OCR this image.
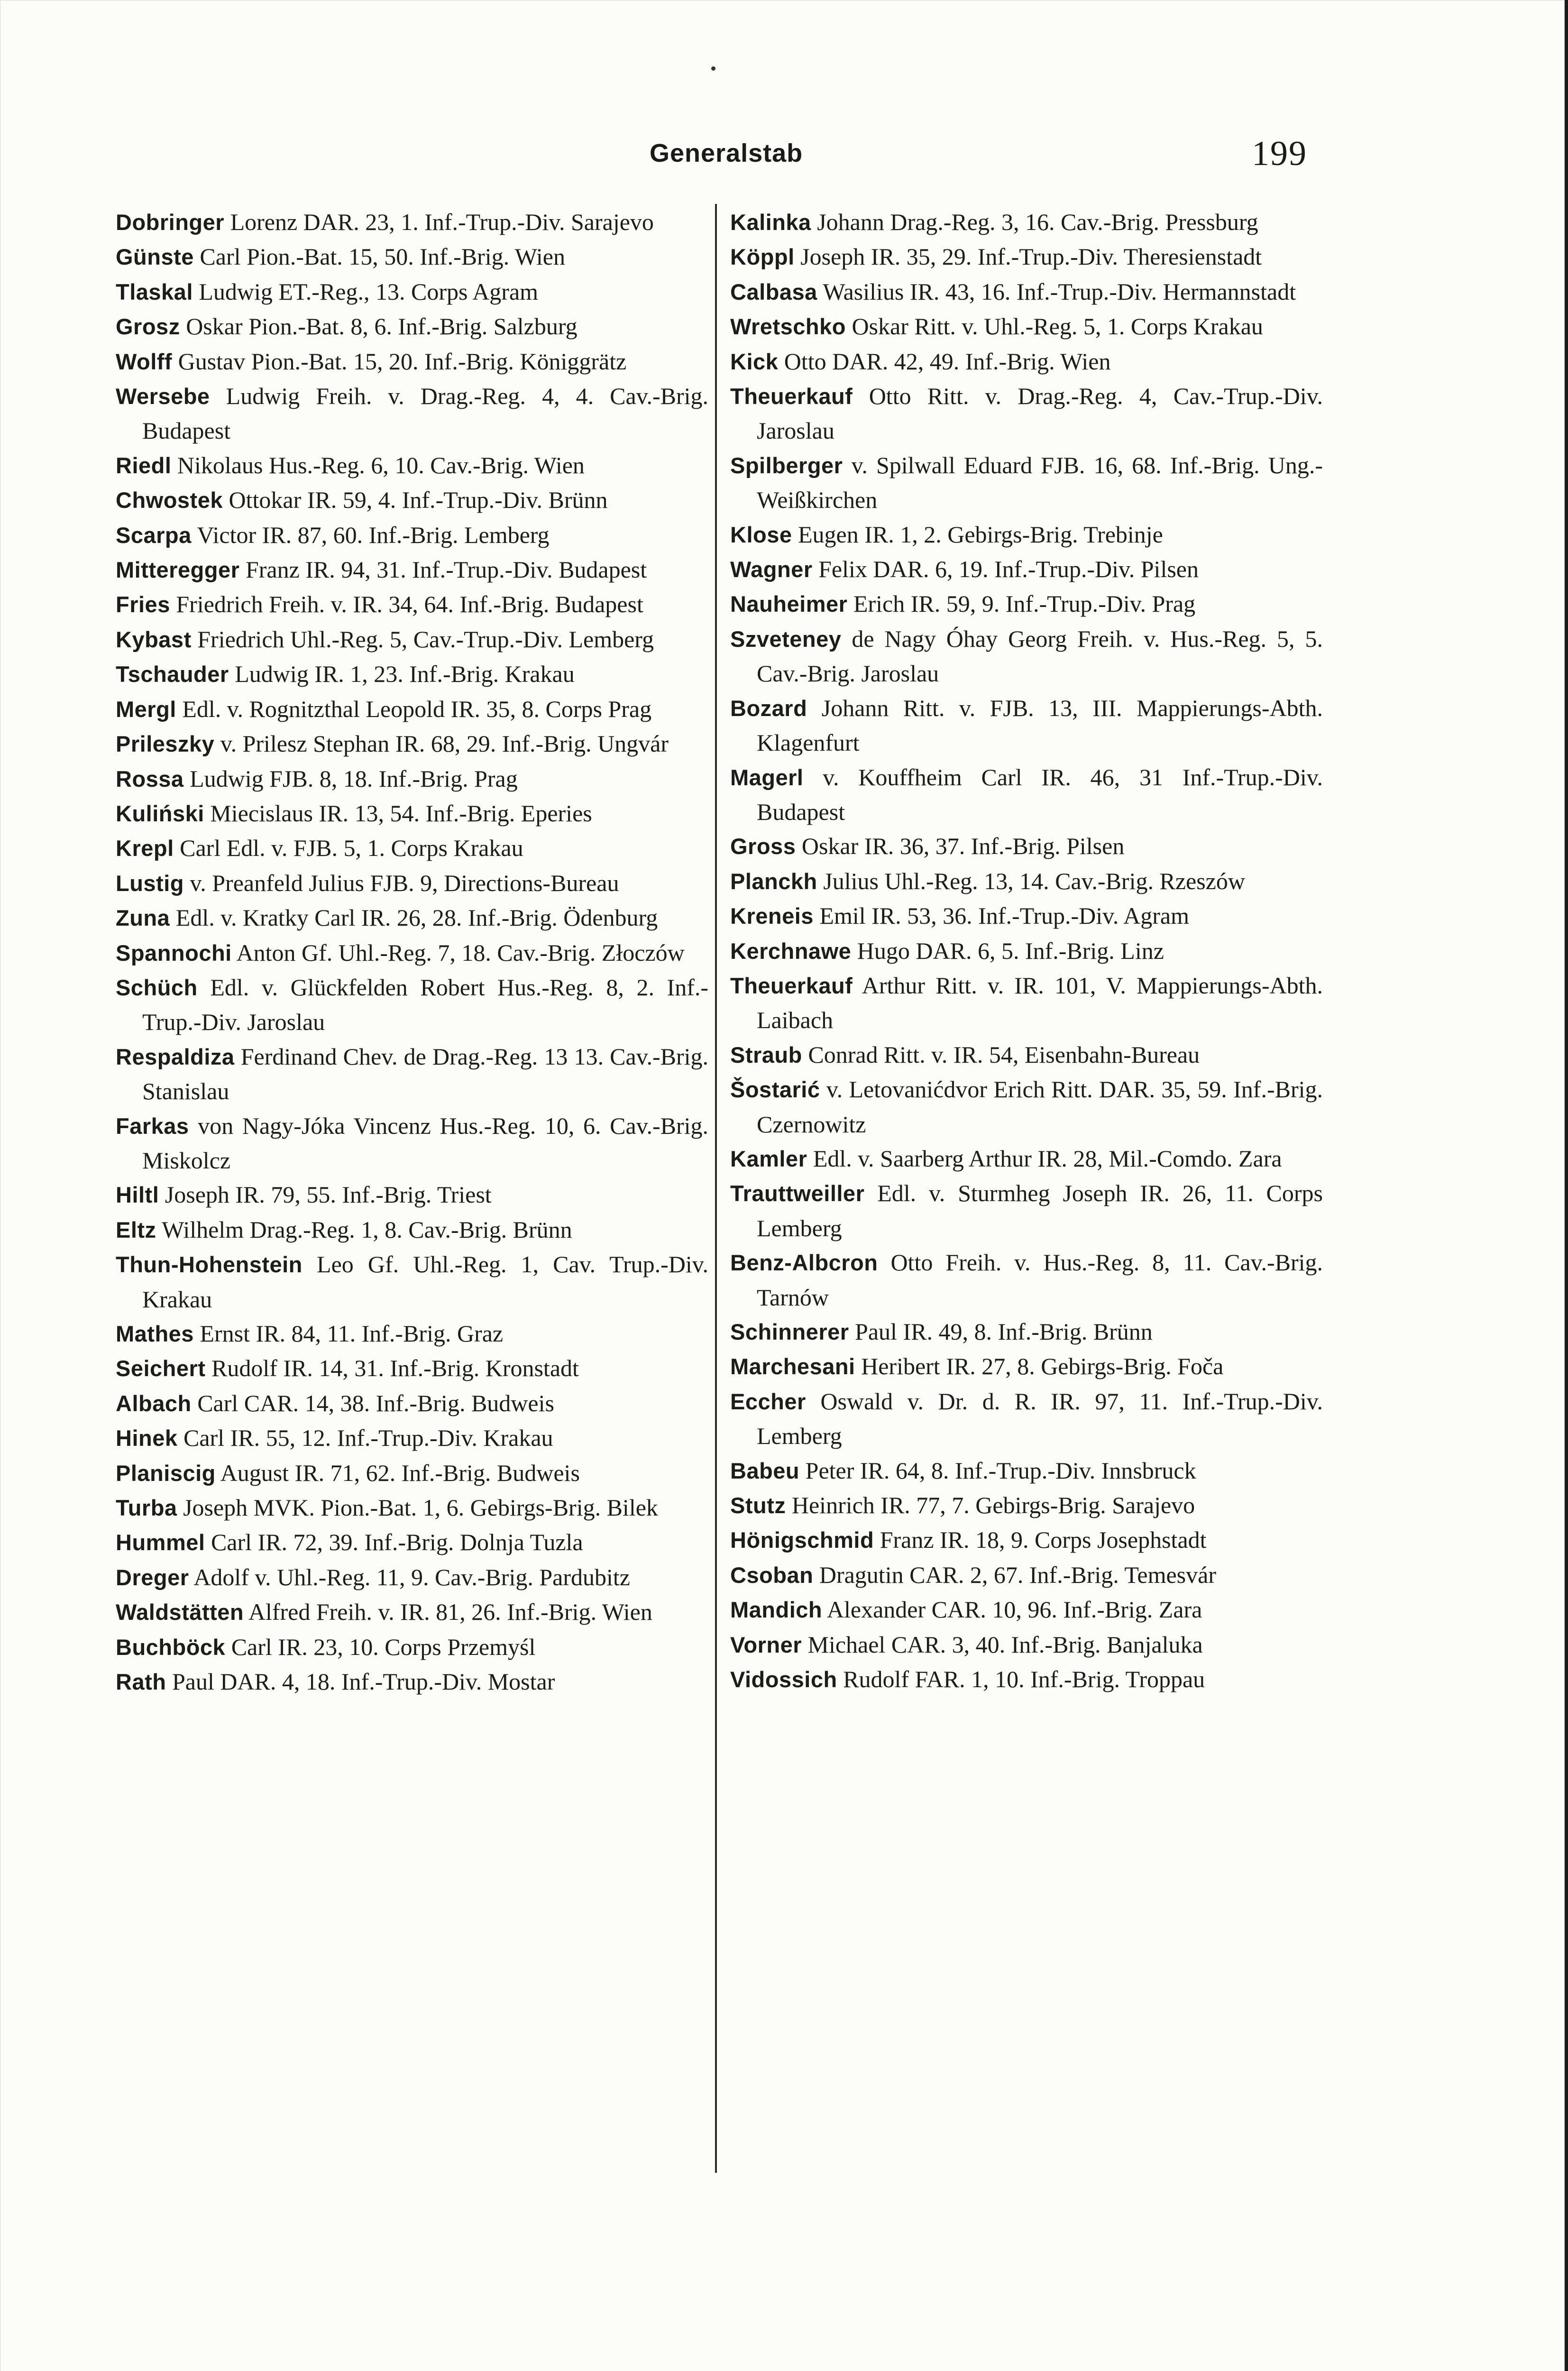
Generalstab	199
Dobringer Lorenz DAR. 23, 1. Inf.-Trup.-Div. Sarajevo
Günste Carl Pion.-Bat. 15, 50. Inf.-Brig. Wien
Tlaskal Ludwig ET.-Reg., 13. Corps Agram
Grosz Oskar Pion.-Bat. 8, 6. Inf.-Brig. Salzburg
Wolff Gustav Pion.-Bat. 15, 20. Inf.-Brig. Königgrätz
Wersebe Ludwig Freih. v. Drag.-Reg. 4, 4. Cav.-Brig. Budapest
Riedl Nikolaus Hus.-Reg. 6, 10. Cav.-Brig. Wien
Chwostek Ottokar IR. 59, 4. Inf.-Trup.-Div. Brünn
Scarpa Victor IR. 87, 60. Inf.-Brig. Lemberg
Mitteregger Franz IR. 94, 31. Inf.-Trup.-Div. Budapest
Fries Friedrich Freih. v. IR. 34, 64. Inf.-Brig. Budapest
Kybast Friedrich Uhl.-Reg. 5, Cav.-Trup.-Div. Lemberg
Tschauder Ludwig IR. 1, 23. Inf.-Brig. Krakau
Mergl Edl. v. Rognitzthal Leopold IR. 35, 8. Corps Prag
Prileszky v. Prilesz Stephan IR. 68, 29. Inf.-Brig. Ungvár
Rossa Ludwig FJB. 8, 18. Inf.-Brig. Prag
Kuliński Miecislaus IR. 13, 54. Inf.-Brig. Eperies
Krepl Carl Edl. v. FJB. 5, 1. Corps Krakau
Lustig v. Preanfeld Julius FJB. 9, Directions-Bureau
Zuna Edl. v. Kratky Carl IR. 26, 28. Inf.-Brig. Ödenburg
Spannochi Anton Gf. Uhl.-Reg. 7, 18. Cav.-Brig. Złoczów
Schüch Edl. v. Glückfelden Robert Hus.-Reg. 8, 2. Inf.-Trup.-Div. Jaroslau
Respaldiza Ferdinand Chev. de Drag.-Reg. 13 13. Cav.-Brig. Stanislau
Farkas von Nagy-Jóka Vincenz Hus.-Reg. 10, 6. Cav.-Brig. Miskolcz
Hiltl Joseph IR. 79, 55. Inf.-Brig. Triest
Eltz Wilhelm Drag.-Reg. 1, 8. Cav.-Brig. Brünn
Thun-Hohenstein Leo Gf. Uhl.-Reg. 1, Cav. Trup.-Div. Krakau
Mathes Ernst IR. 84, 11. Inf.-Brig. Graz
Seichert Rudolf IR. 14, 31. Inf.-Brig. Kronstadt
Albach Carl CAR. 14, 38. Inf.-Brig. Budweis
Hinek Carl IR. 55, 12. Inf.-Trup.-Div. Krakau
Planiscig August IR. 71, 62. Inf.-Brig. Budweis
Turba Joseph MVK. Pion.-Bat. 1, 6. Gebirgs-Brig. Bilek
Hummel Carl IR. 72, 39. Inf.-Brig. Dolnja Tuzla
Dreger Adolf v. Uhl.-Reg. 11, 9. Cav.-Brig. Pardubitz
Waldstätten Alfred Freih. v. IR. 81, 26. Inf.-Brig. Wien
Buchböck Carl IR. 23, 10. Corps Przemyśl
Rath Paul DAR. 4, 18. Inf.-Trup.-Div. Mostar
Kalinka Johann Drag.-Reg. 3, 16. Cav.-Brig. Pressburg
Köppl Joseph IR. 35, 29. Inf.-Trup.-Div. Theresienstadt
Calbasa Wasilius IR. 43, 16. Inf.-Trup.-Div. Hermannstadt
Wretschko Oskar Ritt. v. Uhl.-Reg. 5, 1. Corps Krakau
Kick Otto DAR. 42, 49. Inf.-Brig. Wien
Theuerkauf Otto Ritt. v. Drag.-Reg. 4, Cav.-Trup.-Div. Jaroslau
Spilberger v. Spilwall Eduard FJB. 16, 68. Inf.-Brig. Ung.-Weißkirchen
Klose Eugen IR. 1, 2. Gebirgs-Brig. Trebinje
Wagner Felix DAR. 6, 19. Inf.-Trup.-Div. Pilsen
Nauheimer Erich IR. 59, 9. Inf.-Trup.-Div. Prag
Szveteney de Nagy Óhay Georg Freih. v. Hus.-Reg. 5, 5. Cav.-Brig. Jaroslau
Bozard Johann Ritt. v. FJB. 13, III. Mappierungs-Abth. Klagenfurt
Magerl v. Kouffheim Carl IR. 46, 31 Inf.-Trup.-Div. Budapest
Gross Oskar IR. 36, 37. Inf.-Brig. Pilsen
Planckh Julius Uhl.-Reg. 13, 14. Cav.-Brig. Rzeszów
Kreneis Emil IR. 53, 36. Inf.-Trup.-Div. Agram
Kerchnawe Hugo DAR. 6, 5. Inf.-Brig. Linz
Theuerkauf Arthur Ritt. v. IR. 101, V. Mappierungs-Abth. Laibach
Straub Conrad Ritt. v. IR. 54, Eisenbahn-Bureau
Šostarić v. Letovanićdvor Erich Ritt. DAR. 35, 59. Inf.-Brig. Czernowitz
Kamler Edl. v. Saarberg Arthur IR. 28, Mil.-Comdo. Zara
Trauttweiller Edl. v. Sturmheg Joseph IR. 26, 11. Corps Lemberg
Benz-Albcron Otto Freih. v. Hus.-Reg. 8, 11. Cav.-Brig. Tarnów
Schinnerer Paul IR. 49, 8. Inf.-Brig. Brünn
Marchesani Heribert IR. 27, 8. Gebirgs-Brig. Foča
Eccher Oswald v. Dr. d. R. IR. 97, 11. Inf.-Trup.-Div. Lemberg
Babeu Peter IR. 64, 8. Inf.-Trup.-Div. Innsbruck
Stutz Heinrich IR. 77, 7. Gebirgs-Brig. Sarajevo
Hönigschmid Franz IR. 18, 9. Corps Josephstadt
Csoban Dragutin CAR. 2, 67. Inf.-Brig. Temesvár
Mandich Alexander CAR. 10, 96. Inf.-Brig. Zara
Vorner Michael CAR. 3, 40. Inf.-Brig. Banjaluka
Vidossich Rudolf FAR. 1, 10. Inf.-Brig. Troppau
